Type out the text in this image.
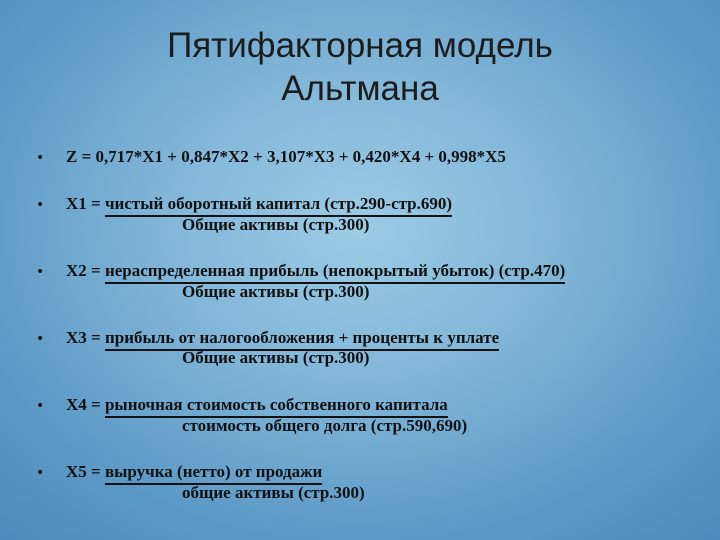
Пятифакторная модель
Альтмана
• Z = 0,717*X1 + 0,847*X2 + 3,107*X3 + 0,420*X4 + 0,998*X5
• X1 = чистый оборотный капитал (стр.290-стр.690)
Общие активы (стр.300)
• X2 = нераспределенная прибыль (непокрытый убыток) (стр.470)
Общие активы (стр.300)
• X3 = прибыль от налогообложения + проценты к уплате
Общие активы (стр.300)
• X4 = рыночная стоимость собственного капитала
стоимость общего долга (стр.590,690)
• X5 = выручка (нетто) от продажи
общие активы (стр.300)
